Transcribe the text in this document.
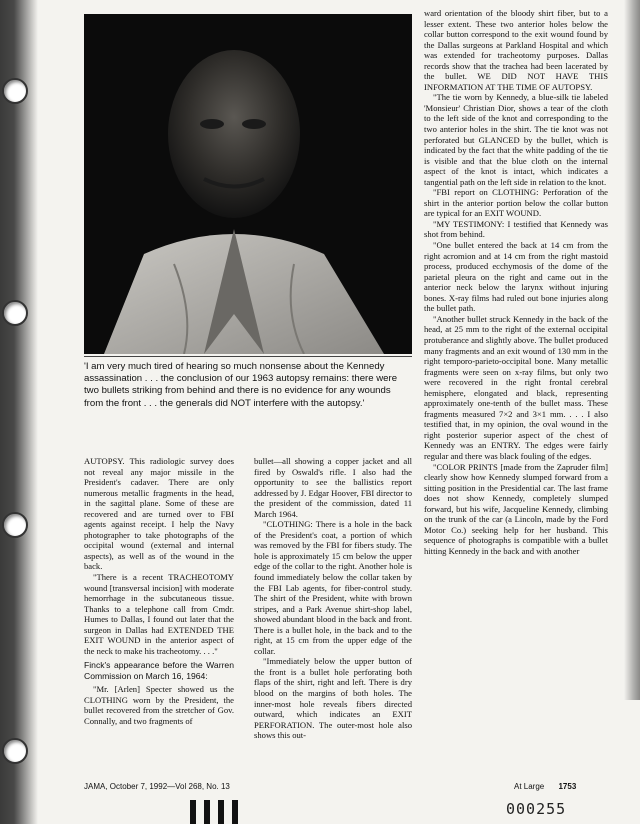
'I am very much tired of hearing so much nonsense about the Kennedy assassination . . . the conclusion of our 1963 autopsy remains: there were two bullets striking from behind and there is no evidence for any wounds from the front . . . the generals did NOT interfere with the autopsy.'

AUTOPSY. This radiologic survey does not reveal any major missile in the President's cadaver. There are only numerous metallic fragments in the head, in the sagittal plane. Some of these are recovered and are turned over to FBI agents against receipt. I help the Navy photographer to take photographs of the occipital wound (external and internal aspects), as well as of the wound in the back.

"There is a recent TRACHEOTOMY wound [transversal incision] with moderate hemorrhage in the subcutaneous tissue. Thanks to a telephone call from Cmdr. Humes to Dallas, I found out later that the surgeon in Dallas had EXTENDED THE EXIT WOUND in the anterior aspect of the neck to make his tracheotomy. . . ."

Finck's appearance before the Warren Commission on March 16, 1964:

"Mr. [Arlen] Specter showed us the CLOTHING worn by the President, the bullet recovered from the stretcher of Gov. Connally, and two fragments of

bullet—all showing a copper jacket and all fired by Oswald's rifle. I also had the opportunity to see the ballistics report addressed by J. Edgar Hoover, FBI director to the president of the commission, dated 11 March 1964.

"CLOTHING: There is a hole in the back of the President's coat, a portion of which was removed by the FBI for fibers study. The hole is approximately 15 cm below the upper edge of the collar to the right. Another hole is found immediately below the collar taken by the FBI Lab agents, for fiber-control study. The shirt of the President, white with brown stripes, and a Park Avenue shirt-shop label, showed abundant blood in the back and front. There is a bullet hole, in the back and to the right, at 15 cm from the upper edge of the collar.

"Immediately below the upper button of the front is a bullet hole perforating both flaps of the shirt, right and left. There is dry blood on the margins of both holes. The inner-most hole reveals fibers directed outward, which indicates an EXIT PERFORATION. The outer-most hole also shows this out-

ward orientation of the bloody shirt fiber, but to a lesser extent. These two anterior holes below the collar button correspond to the exit wound found by the Dallas surgeons at Parkland Hospital and which was extended for tracheotomy purposes. Dallas records show that the trachea had been lacerated by the bullet. WE DID NOT HAVE THIS INFORMATION AT THE TIME OF AUTOPSY.

"The tie worn by Kennedy, a blue-silk tie labeled 'Monsieur' Christian Dior, shows a tear of the cloth to the left side of the knot and corresponding to the two anterior holes in the shirt. The tie knot was not perforated but GLANCED by the bullet, which is indicated by the fact that the white padding of the tie is visible and that the blue cloth on the internal aspect of the knot is intact, which indicates a tangential path on the left side in relation to the knot.

"FBI report on CLOTHING: Perforation of the shirt in the anterior portion below the collar button are typical for an EXIT WOUND.

"MY TESTIMONY: I testified that Kennedy was shot from behind.

"One bullet entered the back at 14 cm from the right acromion and at 14 cm from the right mastoid process, produced ecchymosis of the dome of the parietal pleura on the right and came out in the anterior neck below the larynx without injuring bones. X-ray films had ruled out bone injuries along the bullet path.

"Another bullet struck Kennedy in the back of the head, at 25 mm to the right of the external occipital protuberance and slightly above. The bullet produced many fragments and an exit wound of 130 mm in the right temporo-parieto-occipital bone. Many metallic fragments were seen on x-ray films, but only two were recovered in the right frontal cerebral hemisphere, elongated and black, representing approximately one-tenth of the bullet mass. These fragments measured 7×2 and 3×1 mm. . . . I also testified that, in my opinion, the oval wound in the right posterior superior aspect of the chest of Kennedy was an ENTRY. The edges were fairly regular and there was black fouling of the edges.

"COLOR PRINTS [made from the Zapruder film] clearly show how Kennedy slumped forward from a sitting position in the Presidential car. The last frame does not show Kennedy, completely slumped forward, but his wife, Jacqueline Kennedy, climbing on the trunk of the car (a Lincoln, made by the Ford Motor Co.) seeking help for her husband. This sequence of photographs is compatible with a bullet hitting Kennedy in the back and with another

JAMA, October 7, 1992—Vol 268, No. 13	At Large 1753
000255
